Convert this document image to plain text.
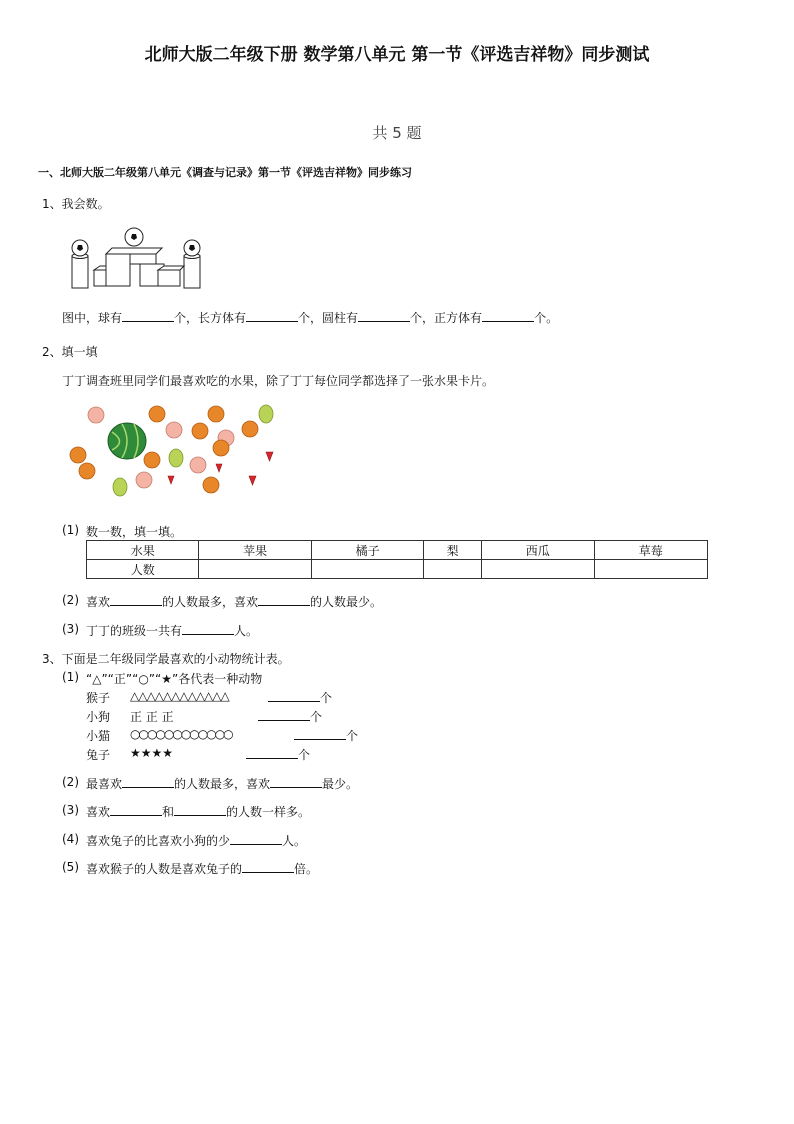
北师大版二年级下册 数学第八单元 第一节《评选吉祥物》同步测试
共 5 题
一、北师大版二年级第八单元《调查与记录》第一节《评选吉祥物》同步练习
1、我会数。
图中，球有	个，长方体有	个，圆柱有	个，正方体有	个。
2、填一填
丁丁调查班里同学们最喜欢吃的水果，除了丁丁每位同学都选择了一张水果卡片。
(1) 数一数，填一填。
水果	苹果	橘子	梨	西瓜	草莓
人数					
(2) 喜欢	的人数最多，喜欢	的人数最少。
(3) 丁丁的班级一共有	人。
3、下面是二年级同学最喜欢的小动物统计表。
(1) “△”“正”“○”“★”各代表一种动物
猴子 △△△△△△△△△△△△	个
小狗 正 正 正	个
小猫 ○○○○○○○○○○○○	个
兔子 ★★★★	个
(2) 最喜欢	的人数最多，喜欢	最少。
(3) 喜欢	和	的人数一样多。
(4) 喜欢兔子的比喜欢小狗的少	人。
(5) 喜欢猴子的人数是喜欢兔子的	倍。
